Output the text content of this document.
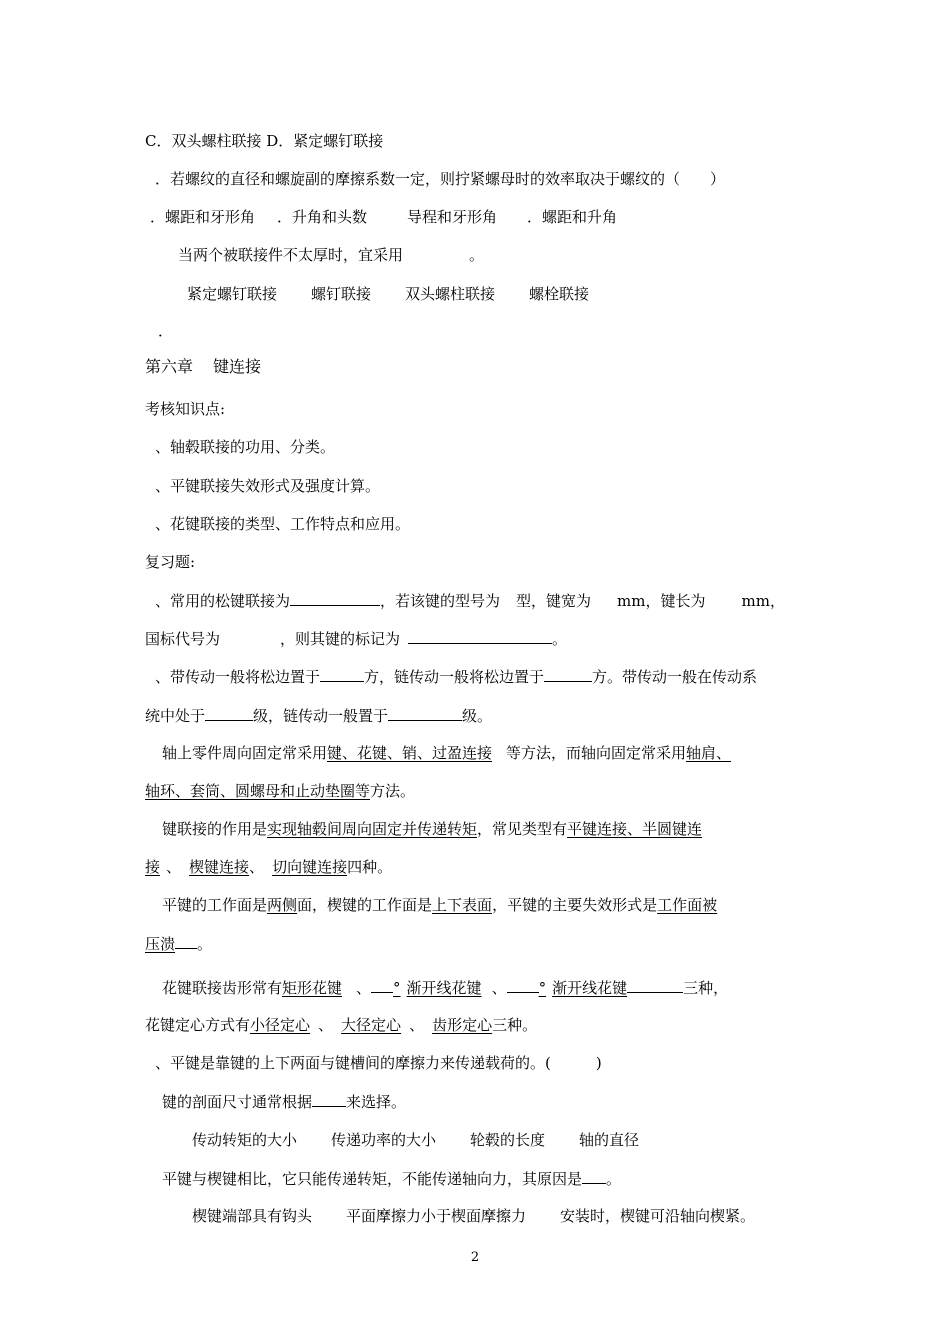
C．双头螺柱联接 D．紧定螺钉联接
．若螺纹的直径和螺旋副的摩擦系数一定，则拧紧螺母时的效率取决于螺纹的（　　）
．螺距和牙形角 ．升角和头数	导程和牙形角 ．螺距和升角
当两个被联接件不太厚时，宜采用	。
紧定螺钉联接 螺钉联接 双头螺柱联接 螺栓联接
．
第六章 键连接
考核知识点:
、轴毂联接的功用、分类。
、平键联接失效形式及强度计算。
、花键联接的类型、工作特点和应用。
复习题:
、常用的松键联接为	，若该键的型号为 型，键宽为 mm，键长为 mm，
国标代号为	，则其键的标记为	。
、带传动一般将松边置于	方，链传动一般将松边置于	方。带传动一般在传动系
统中处于	级，链传动一般置于	级。
轴上零件周向固定常采用键、花键、销、过盈连接 等方法，而轴向固定常采用轴肩、
轴环、套筒、圆螺母和止动垫圈等方法。
键联接的作用是实现轴毂间周向固定并传递转矩，常见类型有平键连接、半圆键连
接 、 楔键连接、 切向键连接四种。
平键的工作面是两侧面，楔键的工作面是上下表面，平键的主要失效形式是工作面被
压溃 。
花键联接齿形常有矩形花键 、 ° 渐开线花键 、 ° 渐开线花键	三种，
花键定心方式有小径定心 、 大径定心 、 齿形定心三种。
、平键是靠键的上下两面与键槽间的摩擦力来传递载荷的。(　　　)
键的剖面尺寸通常根据 来选择。
传动转矩的大小 传递功率的大小 轮毂的长度 轴的直径
平键与楔键相比，它只能传递转矩，不能传递轴向力，其原因是 。
楔键端部具有钩头 平面摩擦力小于楔面摩擦力 安装时，楔键可沿轴向楔紧。
2
